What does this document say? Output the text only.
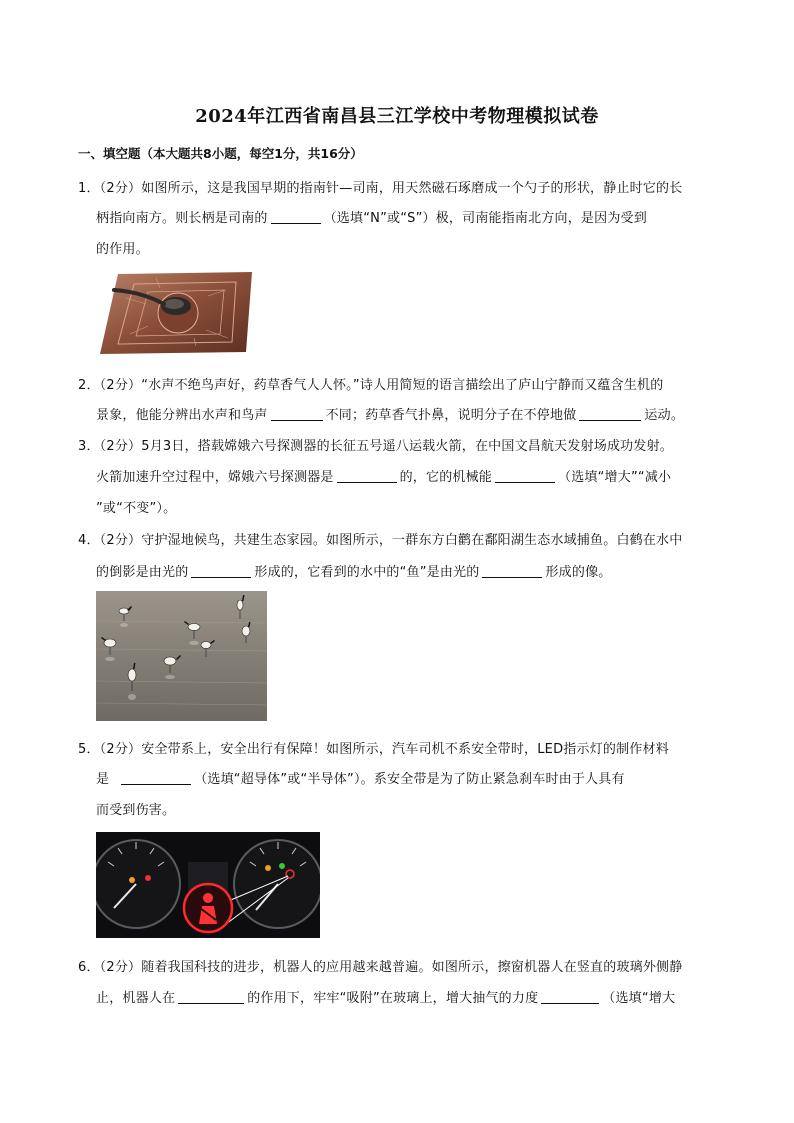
2024年江西省南昌县三江学校中考物理模拟试卷
一、填空题（本大题共8小题，每空1分，共16分）
1．（2分）如图所示，这是我国早期的指南针—司南，用天然磁石琢磨成一个勺子的形状，静止时它的长
柄指向南方。则长柄是司南的	（选填“N”或“S”）极，司南能指南北方向，是因为受到
的作用。
2．（2分）“水声不绝鸟声好，药草香气人人怀。”诗人用简短的语言描绘出了庐山宁静而又蕴含生机的
景象，他能分辨出水声和鸟声	不同；药草香气扑鼻，说明分子在不停地做	运动。
3．（2分）5月3日，搭载嫦娥六号探测器的长征五号遥八运载火箭，在中国文昌航天发射场成功发射。
火箭加速升空过程中，嫦娥六号探测器是	的，它的机械能	（选填“增大”“减小
”或“不变”）。
4．（2分）守护湿地候鸟，共建生态家园。如图所示，一群东方白鹳在鄱阳湖生态水域捕鱼。白鹤在水中
的倒影是由光的	形成的，它看到的水中的“鱼”是由光的	形成的像。
5．（2分）安全带系上，安全出行有保障！如图所示，汽车司机不系安全带时，LED指示灯的制作材料
是	（选填“超导体”或“半导体”）。系安全带是为了防止紧急刹车时由于人具有
而受到伤害。
6．（2分）随着我国科技的进步，机器人的应用越来越普遍。如图所示，擦窗机器人在竖直的玻璃外侧静
止，机器人在	的作用下，牢牢“吸附”在玻璃上，增大抽气的力度	（选填“增大
